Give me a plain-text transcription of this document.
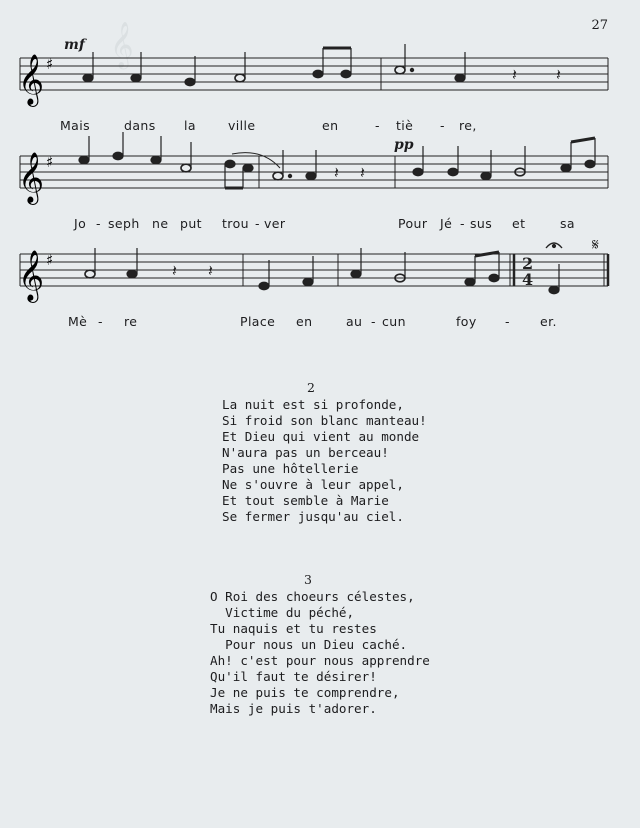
𝄞	27
𝄞 ♯
𝄽 𝄽
mf
Mais	dans la	ville	en	- tiè - re,
𝄞 ♯
𝄽 𝄽
pp
Jo - seph ne put trou - ver	Pour Jé - sus et	sa
𝄞 ♯	2
4
𝄽 𝄽
𝄋
Mè - re	Place en	au - cun	foy - er.
2
La nuit est si profonde,
Si froid son blanc manteau!
Et Dieu qui vient au monde
N'aura pas un berceau!
Pas une hôtellerie
Ne s'ouvre à leur appel,
Et tout semble à Marie
Se fermer jusqu'au ciel.
3
O Roi des choeurs célestes,
Victime du péché,
Tu naquis et tu restes
Pour nous un Dieu caché.
Ah! c'est pour nous apprendre
Qu'il faut te désirer!
Je ne puis te comprendre,
Mais je puis t'adorer.
